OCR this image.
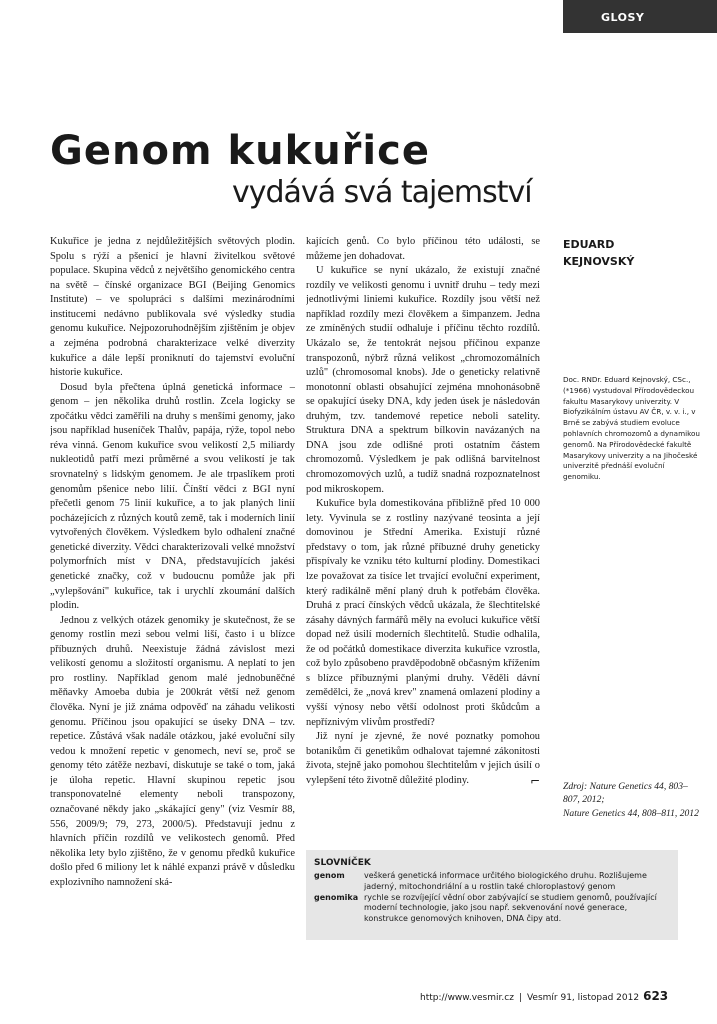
GLOSY
Genom kukuřice
vydává svá tajemství

Kukuřice je jedna z nejdůležitějších světových plodin. Spolu s rýží a pšenicí je hlavní živitelkou světové populace. Skupina vědců z největšího genomického centra na světě – čínské organizace BGI (Beijing Genomics Institute) – ve spolupráci s dalšími mezinárodními institucemi nedávno publikovala své výsledky studia genomu kukuřice. Nejpozoruhodnějším zjištěním je objev a zejména podrobná charakterizace velké diverzity kukuřice a dále lepší proniknutí do tajemství evoluční historie kukuřice.

Dosud byla přečtena úplná genetická informace – genom – jen několika druhů rostlin. Zcela logicky se zpočátku vědci zaměřili na druhy s menšími genomy, jako jsou například huseníček Thalův, papája, rýže, topol nebo réva vinná. Genom kukuřice svou velikostí 2,5 miliardy nukleotidů patří mezi průměrné a svou velikostí je tak srovnatelný s lidským genomem. Je ale trpaslíkem proti genomům pšenice nebo lilií. Čínští vědci z BGI nyní přečetli genom 75 linií kukuřice, a to jak planých linií pocházejících z různých koutů země, tak i moderních linií vytvořených člověkem. Výsledkem bylo odhalení značné genetické diverzity. Vědci charakterizovali velké množství polymorfních míst v DNA, představujících jakési genetické značky, což v budoucnu pomůže jak při „vylepšování" kukuřice, tak i urychlí zkoumání dalších plodin.

Jednou z velkých otázek genomiky je skutečnost, že se genomy rostlin mezi sebou velmi liší, často i u blízce příbuzných druhů. Neexistuje žádná závislost mezi velikostí genomu a složitostí organismu. A neplatí to jen pro rostliny. Například genom malé jednobuněčné měňavky Amoeba dubia je 200krát větší než genom člověka. Nyní je již známa odpověď na záhadu velikosti genomu. Příčinou jsou opakující se úseky DNA – tzv. repetice. Zůstává však nadále otázkou, jaké evoluční síly vedou k množení repetic v genomech, neví se, proč se genomy této zátěže nezbaví, diskutuje se také o tom, jaká je úloha repetic. Hlavní skupinou repetic jsou transponovatelné elementy neboli transpozony, označované někdy jako „skákající geny" (viz Vesmír 88, 556, 2009/9; 79, 273, 2000/5). Představují jednu z hlavních příčin rozdílů ve velikostech genomů. Před několika lety bylo zjištěno, že v genomu předků kukuřice došlo před 6 miliony let k náhlé expanzi právě v důsledku explozivního namnožení ská-

kajících genů. Co bylo příčinou této události, se můžeme jen dohadovat.

U kukuřice se nyní ukázalo, že existují značné rozdíly ve velikosti genomu i uvnitř druhu – tedy mezi jednotlivými liniemi kukuřice. Rozdíly jsou větší než například rozdíly mezi člověkem a šimpanzem. Jedna ze zmíněných studií odhaluje i příčinu těchto rozdílů. Ukázalo se, že tentokrát nejsou příčinou expanze transpozonů, nýbrž různá velikost „chromozomálních uzlů" (chromosomal knobs). Jde o geneticky relativně monotonní oblasti obsahující zejména mnohonásobně se opakující úseky DNA, kdy jeden úsek je následován druhým, tzv. tandemové repetice neboli satelity. Struktura DNA a spektrum bílkovin navázaných na DNA jsou zde odlišné proti ostatním částem chromozomů. Výsledkem je pak odlišná barvitelnost chromozomových uzlů, a tudíž snadná rozpoznatelnost pod mikroskopem.

Kukuřice byla domestikována přibližně před 10 000 lety. Vyvinula se z rostliny nazývané teosinta a její domovinou je Střední Amerika. Existují různé představy o tom, jak různé příbuzné druhy geneticky přispívaly ke vzniku této kulturní plodiny. Domestikaci lze považovat za tisíce let trvající evoluční experiment, který radikálně mění planý druh k potřebám člověka. Druhá z prací čínských vědců ukázala, že šlechtitelské zásahy dávných farmářů měly na evoluci kukuřice větší dopad než úsilí moderních šlechtitelů. Studie odhalila, že od počátků domestikace diverzita kukuřice vzrostla, což bylo způsobeno pravděpodobně občasným křížením s blízce příbuznými planými druhy. Věděli dávní zemědělci, že „nová krev" znamená omlazení plodiny a vyšší výnosy nebo větší odolnost proti škůdcům a nepříznivým vlivům prostředí?

Již nyní je zjevné, že nové poznatky pomohou botanikům či genetikům odhalovat tajemné zákonitosti života, stejně jako pomohou šlechtitelům v jejich úsilí o vylepšení této životně důležité plodiny.	⌐

EDUARD
KEJNOVSKÝ
Doc. RNDr. Eduard Kejnovský, CSc., (*1966) vystudoval Přírodovědeckou fakultu Masarykovy univerzity. V Biofyzikálním ústavu AV ČR, v. v. i., v Brně se zabývá studiem evoluce pohlavních chromozomů a dynamikou genomů. Na Přírodovědecké fakultě Masarykovy univerzity a na Jihočeské univerzitě přednáší evoluční genomiku.
Zdroj: Nature Genetics 44, 803–807, 2012;
Nature Genetics 44, 808–811, 2012
SLOVNÍČEK
genom veškerá genetická informace určitého biologického druhu. Rozlišujeme jaderný, mitochondriální a u rostlin také chloroplastový genom
genomika rychle se rozvíjející vědní obor zabývající se studiem genomů, používající moderní technologie, jako jsou např. sekvenování nové generace, konstrukce genomových knihoven, DNA čipy atd.
http://www.vesmir.cz | Vesmír 91, listopad 2012 623
